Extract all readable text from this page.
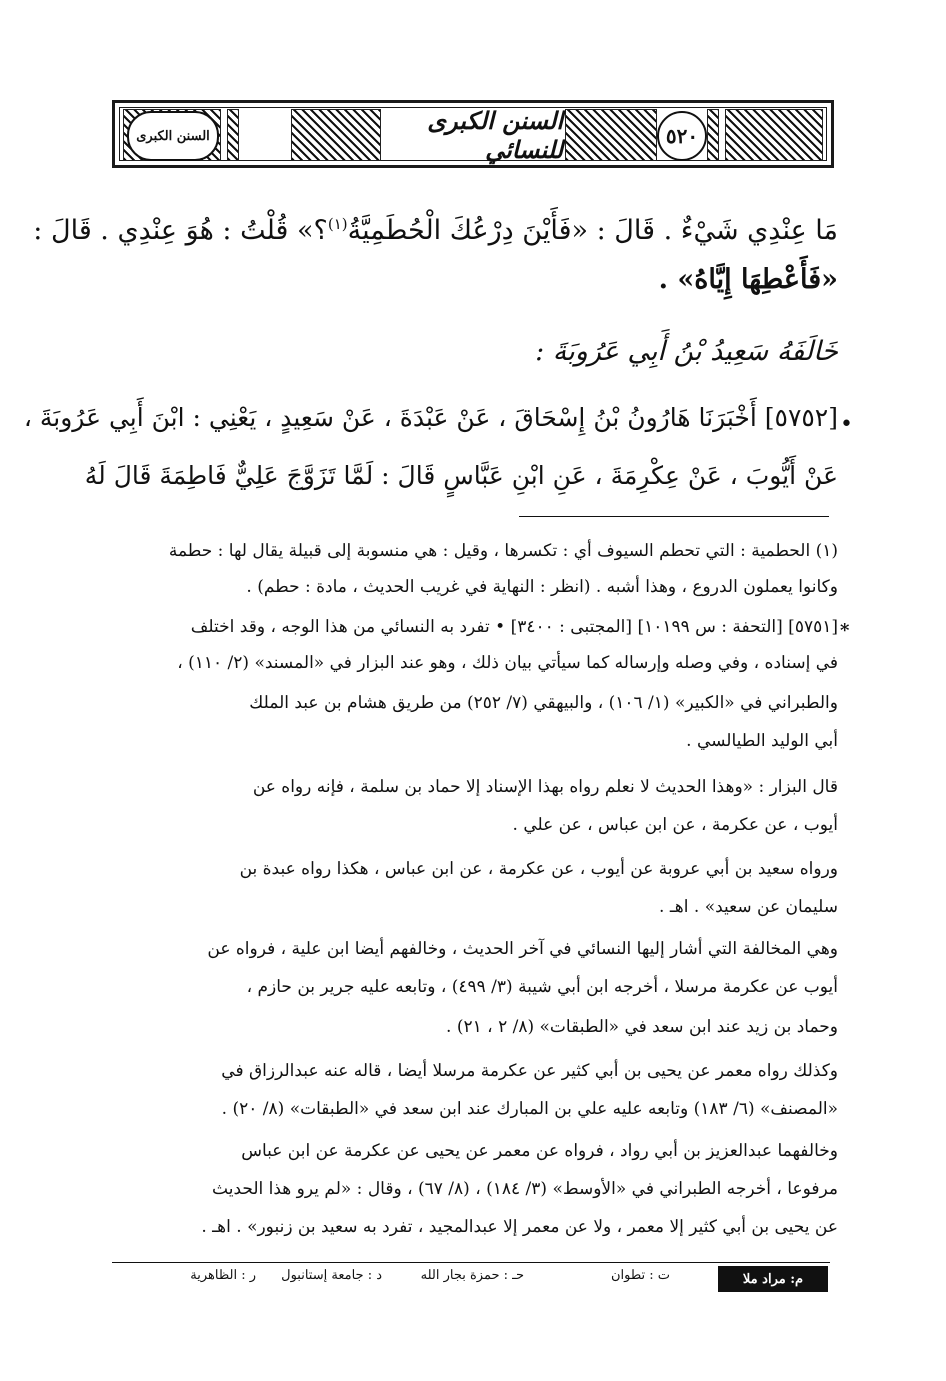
٥٢٠
السنن الكبرى
السنن الكبرى للنسائي
مَا عِنْدِي شَيْءٌ . قَالَ : «فَأَيْنَ دِرْعُكَ الْحُطَمِيَّةُ$^{(١)}$؟» قُلْتُ : هُوَ عِنْدِي . قَالَ :
«فَأَعْطِهَا إِيَّاهُ» .
خَالَفَهُ سَعِيدُ بْنُ أَبِي عَرُوبَةَ :
•
[٥٧٥٢] أَخْبَرَنَا هَارُونُ بْنُ إِسْحَاقَ ، عَنْ عَبْدَةَ ، عَنْ سَعِيدٍ ، يَعْنِي : ابْنَ أَبِي عَرُوبَةَ ،
عَنْ أَيُّوبَ ، عَنْ عِكْرِمَةَ ، عَنِ ابْنِ عَبَّاسٍ قَالَ : لَمَّا تَزَوَّجَ عَلِيٌّ فَاطِمَةَ قَالَ لَهُ
*
(١) الحطمية : التي تحطم السيوف أي : تكسرها ، وقيل : هي منسوبة إلى قبيلة يقال لها : حطمة
وكانوا يعملون الدروع ، وهذا أشبه . (انظر : النهاية في غريب الحديث ، مادة : حطم) .
[٥٧٥١] [التحفة : س ١٠١٩٩] [المجتبى : ٣٤٠٠] • تفرد به النسائي من هذا الوجه ، وقد اختلف
في إسناده ، وفي وصله وإرساله كما سيأتي بيان ذلك ، وهو عند البزار في «المسند» (٢/ ١١٠) ،
والطبراني في «الكبير» (١/ ١٠٦) ، والبيهقي (٧/ ٢٥٢) من طريق هشام بن عبد الملك
أبي الوليد الطيالسي .
قال البزار : «وهذا الحديث لا نعلم رواه بهذا الإسناد إلا حماد بن سلمة ، فإنه رواه عن
أيوب ، عن عكرمة ، عن ابن عباس ، عن علي .
ورواه سعيد بن أبي عروبة عن أيوب ، عن عكرمة ، عن ابن عباس ، هكذا رواه عبدة بن
سليمان عن سعيد» . اهـ .
وهي المخالفة التي أشار إليها النسائي في آخر الحديث ، وخالفهم أيضا ابن علية ، فرواه عن
أيوب عن عكرمة مرسلا ، أخرجه ابن أبي شيبة (٣/ ٤٩٩) ، وتابعه عليه جرير بن حازم ،
وحماد بن زيد عند ابن سعد في «الطبقات» (٨/ ٢ ، ٢١) .
وكذلك رواه معمر عن يحيى بن أبي كثير عن عكرمة مرسلا أيضا ، قاله عنه عبدالرزاق في
«المصنف» (٦/ ١٨٣) وتابعه عليه علي بن المبارك عند ابن سعد في «الطبقات» (٨/ ٢٠) .
وخالفهما عبدالعزيز بن أبي رواد ، فرواه عن معمر عن يحيى عن عكرمة عن ابن عباس
مرفوعا ، أخرجه الطبراني في «الأوسط» (٣/ ١٨٤) ، (٨/ ٦٧) ، وقال : «لم يرو هذا الحديث
عن يحيى بن أبي كثير إلا معمر ، ولا عن معمر إلا عبدالمجيد ، تفرد به سعيد بن زنبور» . اهـ .
م: مراد ملا
ت : تطوان
حـ : حمزة بجار الله
د : جامعة إستانبول
ر : الظاهرية
